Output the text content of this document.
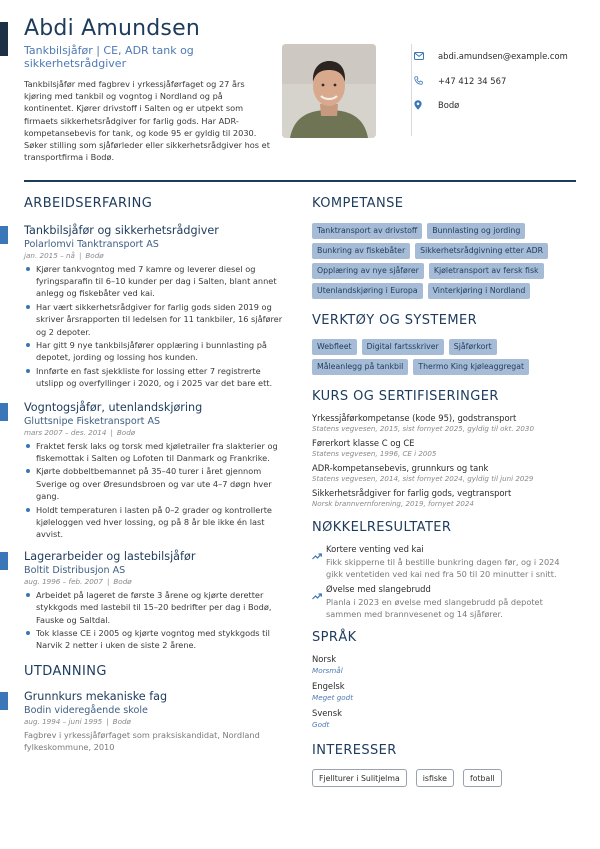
Abdi Amundsen
Tankbilsjåfør | CE, ADR tank og sikkerhetsrådgiver
Tankbilsjåfør med fagbrev i yrkessjåførfaget og 27 års kjøring med tankbil og vogntog i Nordland og på kontinentet. Kjører drivstoff i Salten og er utpekt som firmaets sikkerhetsrådgiver for farlig gods. Har ADR-kompetansebevis for tank, og kode 95 er gyldig til 2030. Søker stilling som sjåførleder eller sikkerhetsrådgiver hos et transportfirma i Bodø.
abdi.amundsen@example.com
+47 412 34 567
Bodø
ARBEIDSERFARING
Tankbilsjåfør og sikkerhetsrådgiver
Polarlomvi Tanktransport AS
jan. 2015 – nå | Bodø
Kjører tankvogntog med 7 kamre og leverer diesel og fyringsparafin til 6–10 kunder per dag i Salten, blant annet anlegg og fiskebåter ved kai.
Har vært sikkerhetsrådgiver for farlig gods siden 2019 og skriver årsrapporten til ledelsen for 11 tankbiler, 16 sjåfører og 2 depoter.
Har gitt 9 nye tankbilsjåfører opplæring i bunnlasting på depotet, jording og lossing hos kunden.
Innførte en fast sjekkliste for lossing etter 7 registrerte utslipp og overfyllinger i 2020, og i 2025 var det bare ett.
Vogntogsjåfør, utenlandskjøring
Gluttsnipe Fisketransport AS
mars 2007 – des. 2014 | Bodø
Fraktet fersk laks og torsk med kjøletrailer fra slakterier og fiskemottak i Salten og Lofoten til Danmark og Frankrike.
Kjørte dobbeltbemannet på 35–40 turer i året gjennom Sverige og over Øresundsbroen og var ute 4–7 døgn hver gang.
Holdt temperaturen i lasten på 0–2 grader og kontrollerte kjøleloggen ved hver lossing, og på 8 år ble ikke én last avvist.
Lagerarbeider og lastebilsjåfør
Boltit Distribusjon AS
aug. 1996 – feb. 2007 | Bodø
Arbeidet på lageret de første 3 årene og kjørte deretter stykkgods med lastebil til 15–20 bedrifter per dag i Bodø, Fauske og Saltdal.
Tok klasse CE i 2005 og kjørte vogntog med stykkgods til Narvik 2 netter i uken de siste 2 årene.
UTDANNING
Grunnkurs mekaniske fag
Bodin videregående skole
aug. 1994 – juni 1995 | Bodø
Fagbrev i yrkessjåførfaget som praksiskandidat, Nordland fylkeskommune, 2010
KOMPETANSE
Tanktransport av drivstoff	Bunnlasting og jording
Bunkring av fiskebåter	Sikkerhetsrådgivning etter ADR
Opplæring av nye sjåfører	Kjøletransport av fersk fisk
Utenlandskjøring i Europa	Vinterkjøring i Nordland
VERKTØY OG SYSTEMER
Webfleet	Digital fartsskriver	Sjåførkort
Måleanlegg på tankbil	Thermo King kjøleaggregat
KURS OG SERTIFISERINGER
Yrkessjåførkompetanse (kode 95), godstransport
Statens vegvesen, 2015, sist fornyet 2025, gyldig til okt. 2030
Førerkort klasse C og CE
Statens vegvesen, 1996, CE i 2005
ADR-kompetansebevis, grunnkurs og tank
Statens vegvesen, 2014, sist fornyet 2024, gyldig til juni 2029
Sikkerhetsrådgiver for farlig gods, vegtransport
Norsk brannvernforening, 2019, fornyet 2024
NØKKELRESULTATER
Kortere venting ved kai
Fikk skipperne til å bestille bunkring dagen før, og i 2024 gikk ventetiden ved kai ned fra 50 til 20 minutter i snitt.
Øvelse med slangebrudd
Planla i 2023 en øvelse med slangebrudd på depotet sammen med brannvesenet og 14 sjåfører.
SPRÅK
Norsk
Morsmål
Engelsk
Meget godt
Svensk
Godt
INTERESSER
Fjellturer i Sulitjelma	isfiske	fotball
